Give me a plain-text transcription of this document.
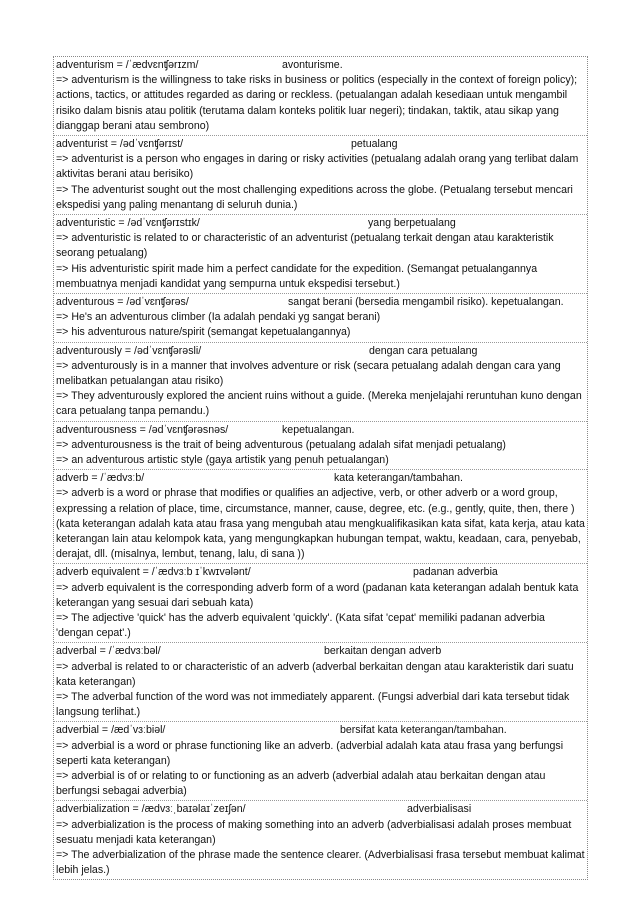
adventurism = /ˈædvɛnʧərɪzm/	avonturisme.

=> adventurism is the willingness to take risks in business or politics (especially in the context of foreign policy); actions, tactics, or attitudes regarded as daring or reckless. (petualangan adalah kesediaan untuk mengambil risiko dalam bisnis atau politik (terutama dalam konteks politik luar negeri); tindakan, taktik, atau sikap yang dianggap berani atau sembrono)

adventurist = /ədˈvɛnʧərɪst/	petualang

=> adventurist is a person who engages in daring or risky activities (petualang adalah orang yang terlibat dalam aktivitas berani atau berisiko)

=> The adventurist sought out the most challenging expeditions across the globe. (Petualang tersebut mencari ekspedisi yang paling menantang di seluruh dunia.)

adventuristic = /ədˈvɛnʧərɪstɪk/	yang berpetualang

=> adventuristic is related to or characteristic of an adventurist (petualang terkait dengan atau karakteristik seorang petualang)

=> His adventuristic spirit made him a perfect candidate for the expedition. (Semangat petualangannya membuatnya menjadi kandidat yang sempurna untuk ekspedisi tersebut.)

adventurous = /ədˈvɛnʧərəs/	sangat berani (bersedia mengambil risiko). kepetualangan.

=> He's an adventurous climber (Ia adalah pendaki yg sangat berani)

=> his adventurous nature/spirit (semangat kepetualangannya)

adventurously = /ədˈvɛnʧərəsli/	dengan cara petualang

=> adventurously is in a manner that involves adventure or risk (secara petualang adalah dengan cara yang melibatkan petualangan atau risiko)

=> They adventurously explored the ancient ruins without a guide. (Mereka menjelajahi reruntuhan kuno dengan cara petualang tanpa pemandu.)

adventurousness = /ədˈvɛnʧərəsnəs/	kepetualangan.

=> adventurousness is the trait of being adventurous (petualang adalah sifat menjadi petualang)

=> an adventurous artistic style (gaya artistik yang penuh petualangan)

adverb = /ˈædvɜːb/	kata keterangan/tambahan.

=> adverb is a word or phrase that modifies or qualifies an adjective, verb, or other adverb or a word group, expressing a relation of place, time, circumstance, manner, cause, degree, etc. (e.g., gently, quite, then, there ) (kata keterangan adalah kata atau frasa yang mengubah atau mengkualifikasikan kata sifat, kata kerja, atau kata keterangan lain atau kelompok kata, yang mengungkapkan hubungan tempat, waktu, keadaan, cara, penyebab, derajat, dll. (misalnya, lembut, tenang, lalu, di sana ))

adverb equivalent = /ˈædvɜːb ɪˈkwɪvələnt/	padanan adverbia

=> adverb equivalent is the corresponding adverb form of a word (padanan kata keterangan adalah bentuk kata keterangan yang sesuai dari sebuah kata)

=> The adjective 'quick' has the adverb equivalent 'quickly'. (Kata sifat 'cepat' memiliki padanan adverbia 'dengan cepat'.)

adverbal = /ˈædvɜːbəl/	berkaitan dengan adverb

=> adverbal is related to or characteristic of an adverb (adverbal berkaitan dengan atau karakteristik dari suatu kata keterangan)

=> The adverbal function of the word was not immediately apparent. (Fungsi adverbial dari kata tersebut tidak langsung terlihat.)

adverbial = /ædˈvɜːbiəl/	bersifat kata keterangan/tambahan.

=> adverbial is a word or phrase functioning like an adverb. (adverbial adalah kata atau frasa yang berfungsi seperti kata keterangan)

=> adverbial is of or relating to or functioning as an adverb (adverbial adalah atau berkaitan dengan atau berfungsi sebagai adverbia)

adverbialization = /ædvɜːˌbaɪəlaɪˈzeɪʃən/	adverbialisasi

=> adverbialization is the process of making something into an adverb (adverbialisasi adalah proses membuat sesuatu menjadi kata keterangan)

=> The adverbialization of the phrase made the sentence clearer. (Adverbialisasi frasa tersebut membuat kalimat lebih jelas.)
